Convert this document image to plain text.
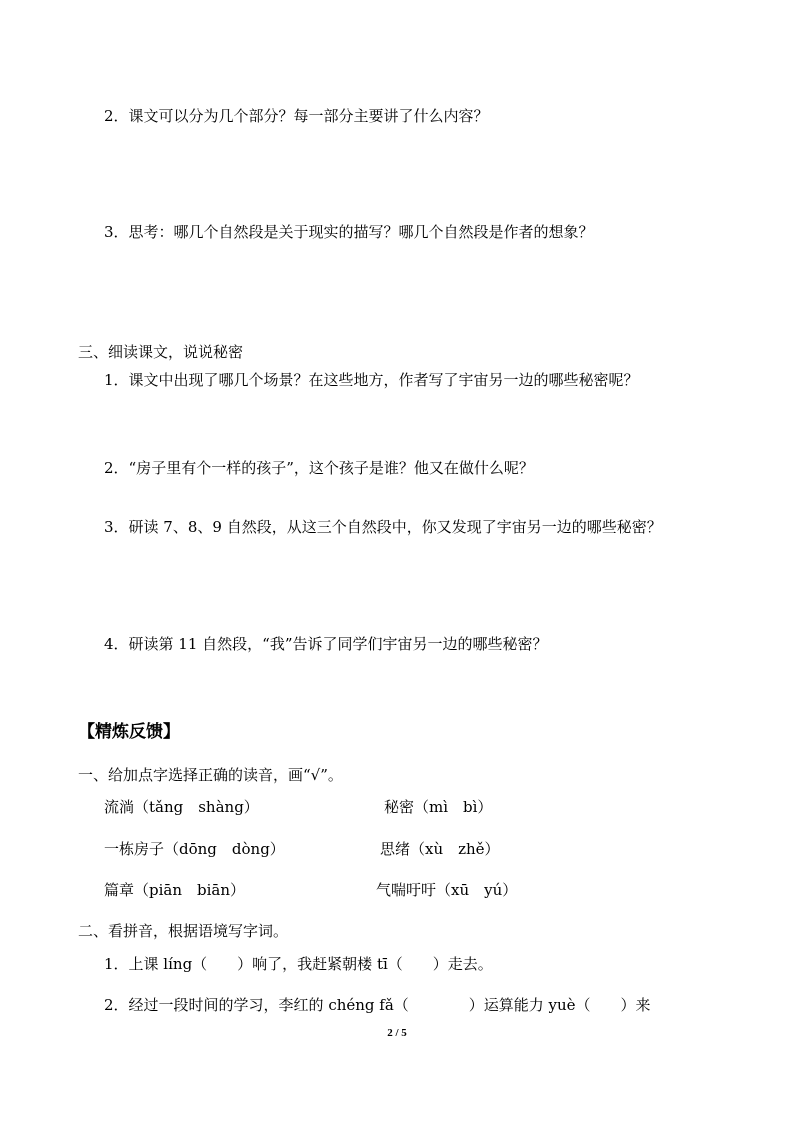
2．课文可以分为几个部分？每一部分主要讲了什么内容？
3．思考：哪几个自然段是关于现实的描写？哪几个自然段是作者的想象？
三、细读课文，说说秘密
1．课文中出现了哪几个场景？在这些地方，作者写了宇宙另一边的哪些秘密呢？
2．“房子里有个一样的孩子”，这个孩子是谁？他又在做什么呢？
3．研读 7、8、9 自然段，从这三个自然段中，你又发现了宇宙另一边的哪些秘密？
4．研读第 11 自然段，“我”告诉了同学们宇宙另一边的哪些秘密？
【精炼反馈】
一、给加点字选择正确的读音，画“√”。
流淌（tǎng　shàng）	秘密（mì　bì）
一栋房子（dōng　dòng）	思绪（xù　zhě）
篇章（piān　biān）	气喘吁吁（xū　yú）
二、看拼音，根据语境写字词。
1．上课 líng（　　）响了，我赶紧朝楼 tī（　　）走去。
2．经过一段时间的学习，李红的 chéng fǎ（　　　　）运算能力 yuè（　　）来
2 / 5
